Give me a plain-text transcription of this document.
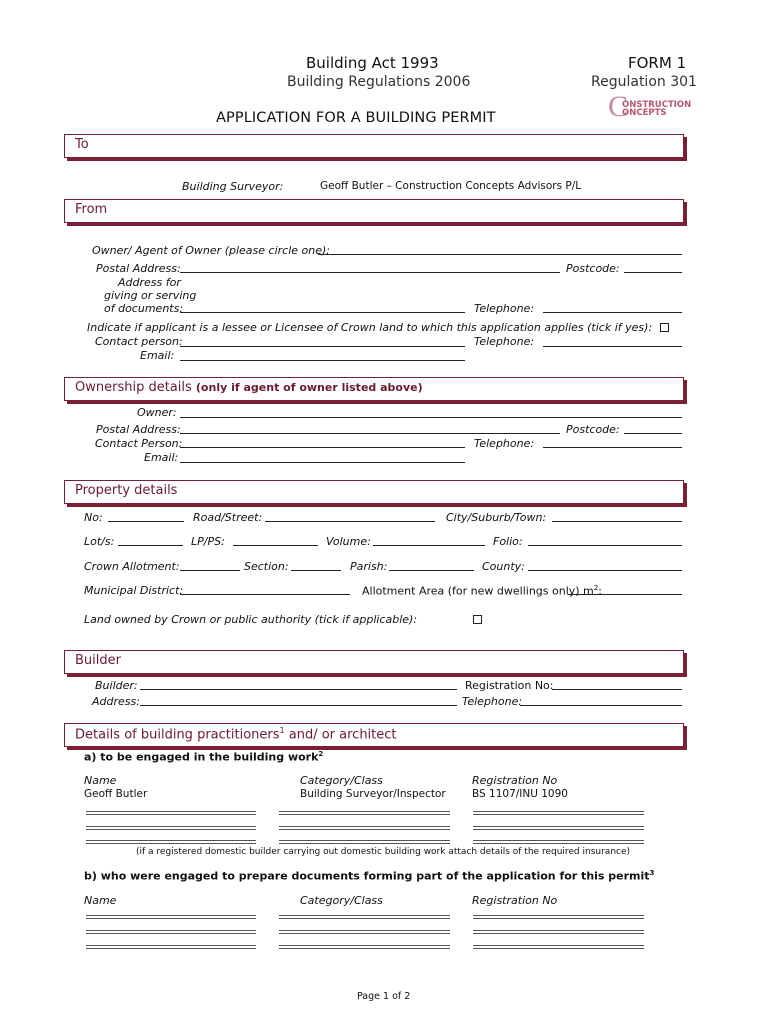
Building Act 1993
Building Regulations 2006
FORM 1
Regulation 301
APPLICATION FOR A BUILDING PERMIT	C
ONSTRUCTION
ONCEPTS
To
Building Surveyor:	Geoff Butler – Construction Concepts Advisors P/L
From
Owner/ Agent of Owner (please circle one):
Postal Address:	Postcode:
Address for
giving or serving
of documents:	Telephone:
Indicate if applicant is a lessee or Licensee of Crown land to which this application applies (tick if yes):
Contact person:	Telephone:
Email:
Ownership details (only if agent of owner listed above)
Owner:
Postal Address:	Postcode:
Contact Person:	Telephone:
Email:
Property details
No:	Road/Street:	City/Suburb/Town:
Lot/s:	LP/PS:	Volume:	Folio:
Crown Allotment:	Section:	Parish:	County:
Municipal District:	Allotment Area (for new dwellings only) $m^2$:
Land owned by Crown or public authority (tick if applicable):
Builder
Builder:	Registration No:
Address:	Telephone:
Details of building practitioners$^1$ and/ or architect
a) to be engaged in the building work$^2$
Name	Category/Class	Registration No
Geoff Butler	Building Surveyor/Inspector	BS 1107/INU 1090
(if a registered domestic builder carrying out domestic building work attach details of the required insurance)
b) who were engaged to prepare documents forming part of the application for this permit$^3$
Name	Category/Class	Registration No
Page 1 of 2
